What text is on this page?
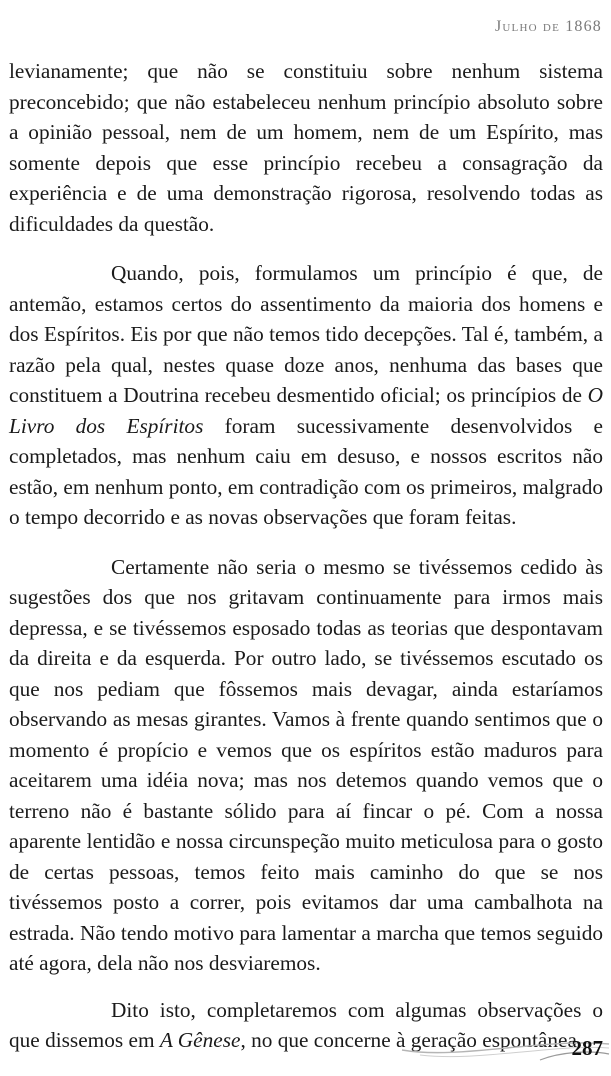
Julho de 1868

levianamente; que não se constituiu sobre nenhum sistema preconcebido; que não estabeleceu nenhum princípio absoluto sobre a opinião pessoal, nem de um homem, nem de um Espírito, mas somente depois que esse princípio recebeu a consagração da experiência e de uma demonstração rigorosa, resolvendo todas as dificuldades da questão.

Quando, pois, formulamos um princípio é que, de antemão, estamos certos do assentimento da maioria dos homens e dos Espíritos. Eis por que não temos tido decepções. Tal é, também, a razão pela qual, nestes quase doze anos, nenhuma das bases que constituem a Doutrina recebeu desmentido oficial; os princípios de O Livro dos Espíritos foram sucessivamente desenvolvidos e completados, mas nenhum caiu em desuso, e nossos escritos não estão, em nenhum ponto, em contradição com os primeiros, malgrado o tempo decorrido e as novas observações que foram feitas.

Certamente não seria o mesmo se tivéssemos cedido às sugestões dos que nos gritavam continuamente para irmos mais depressa, e se tivéssemos esposado todas as teorias que despontavam da direita e da esquerda. Por outro lado, se tivéssemos escutado os que nos pediam que fôssemos mais devagar, ainda estaríamos observando as mesas girantes. Vamos à frente quando sentimos que o momento é propício e vemos que os espíritos estão maduros para aceitarem uma idéia nova; mas nos detemos quando vemos que o terreno não é bastante sólido para aí fincar o pé. Com a nossa aparente lentidão e nossa circunspeção muito meticulosa para o gosto de certas pessoas, temos feito mais caminho do que se nos tivéssemos posto a correr, pois evitamos dar uma cambalhota na estrada. Não tendo motivo para lamentar a marcha que temos seguido até agora, dela não nos desviaremos.

Dito isto, completaremos com algumas observações o que dissemos em A Gênese, no que concerne à geração espontânea.

287
